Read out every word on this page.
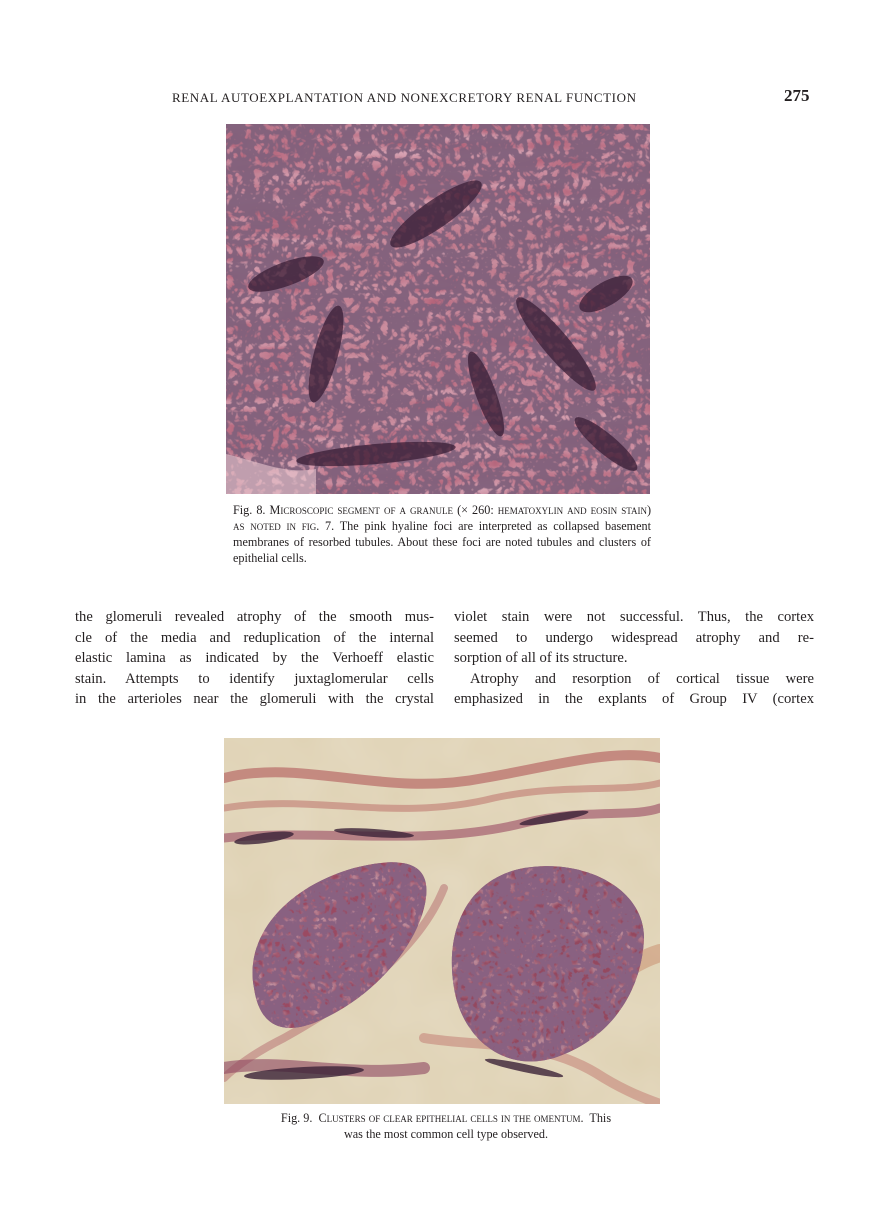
RENAL AUTOEXPLANTATION AND NONEXCRETORY RENAL FUNCTION	275
Fig. 8. Microscopic segment of a granule (× 260: hematoxylin and eosin stain) as noted in fig. 7. The pink hyaline foci are interpreted as collapsed basement membranes of resorbed tubules. About these foci are noted tubules and clusters of epithelial cells.
the glomeruli revealed atrophy of the smooth mus-
cle of the media and reduplication of the internal
elastic lamina as indicated by the Verhoeff elastic
stain. Attempts to identify juxtaglomerular cells
in the arterioles near the glomeruli with the crystal
violet stain were not successful. Thus, the cortex
seemed to undergo widespread atrophy and re-
sorption of all of its structure.
Atrophy and resorption of cortical tissue were
emphasized in the explants of Group IV (cortex
Fig. 9. Clusters of clear epithelial cells in the omentum. This
was the most common cell type observed.
